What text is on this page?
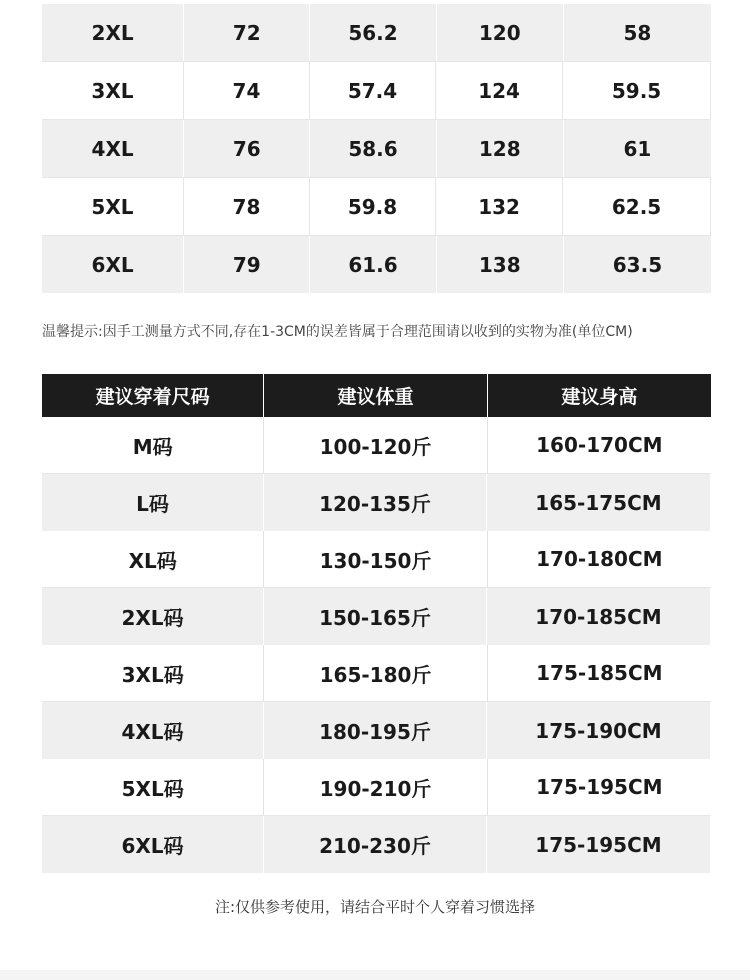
2XL	72	56.2	120	58
3XL	74	57.4	124	59.5
4XL	76	58.6	128	61
5XL	78	59.8	132	62.5
6XL	79	61.6	138	63.5
温馨提示:因手工测量方式不同,存在1-3CM的误差皆属于合理范围请以收到的实物为准(单位CM)
建议穿着尺码	建议体重	建议身高
M码	100-120斤	160-170CM
L码	120-135斤	165-175CM
XL码	130-150斤	170-180CM
2XL码	150-165斤	170-185CM
3XL码	165-180斤	175-185CM
4XL码	180-195斤	175-190CM
5XL码	190-210斤	175-195CM
6XL码	210-230斤	175-195CM
注:仅供参考使用，请结合平时个人穿着习惯选择
